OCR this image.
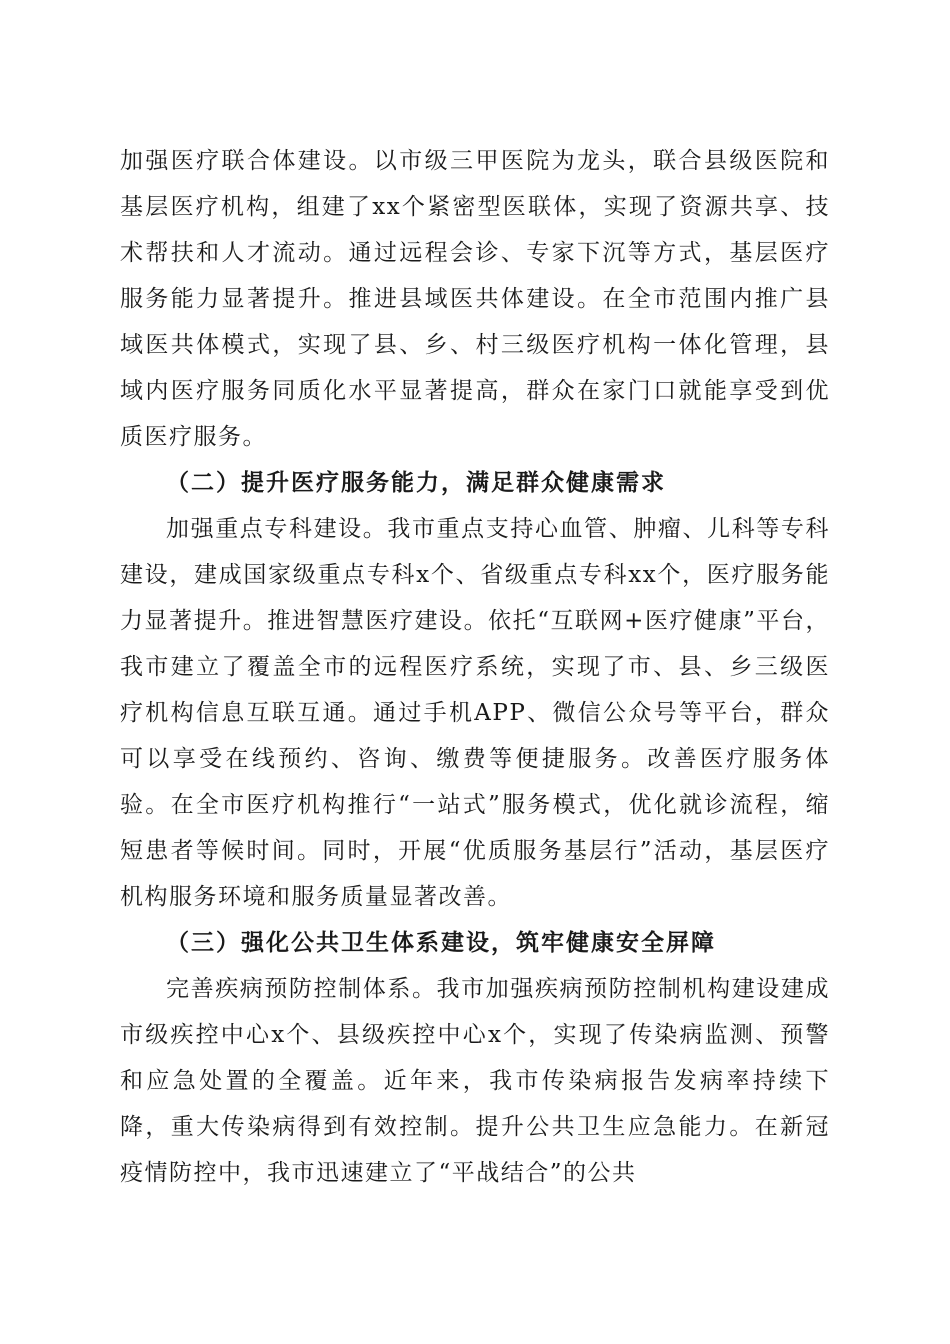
加强医疗联合体建设。以市级三甲医院为龙头，联合县级医院和基层医疗机构，组建了xx个紧密型医联体，实现了资源共享、技术帮扶和人才流动。通过远程会诊、专家下沉等方式，基层医疗服务能力显著提升。推进县域医共体建设。在全市范围内推广县域医共体模式，实现了县、乡、村三级医疗机构一体化管理，县域内医疗服务同质化水平显著提高，群众在家门口就能享受到优质医疗服务。

（二）提升医疗服务能力，满足群众健康需求

加强重点专科建设。我市重点支持心血管、肿瘤、儿科等专科建设，建成国家级重点专科x个、省级重点专科xx个，医疗服务能力显著提升。推进智慧医疗建设。依托“互联网+医疗健康”平台，我市建立了覆盖全市的远程医疗系统，实现了市、县、乡三级医疗机构信息互联互通。通过手机APP、微信公众号等平台，群众可以享受在线预约、咨询、缴费等便捷服务。改善医疗服务体验。在全市医疗机构推行“一站式”服务模式，优化就诊流程，缩短患者等候时间。同时，开展“优质服务基层行”活动，基层医疗机构服务环境和服务质量显著改善。

（三）强化公共卫生体系建设，筑牢健康安全屏障

完善疾病预防控制体系。我市加强疾病预防控制机构建设建成市级疾控中心x个、县级疾控中心x个，实现了传染病监测、预警和应急处置的全覆盖。近年来，我市传染病报告发病率持续下降，重大传染病得到有效控制。提升公共卫生应急能力。在新冠疫情防控中，我市迅速建立了“平战结合”的公共
